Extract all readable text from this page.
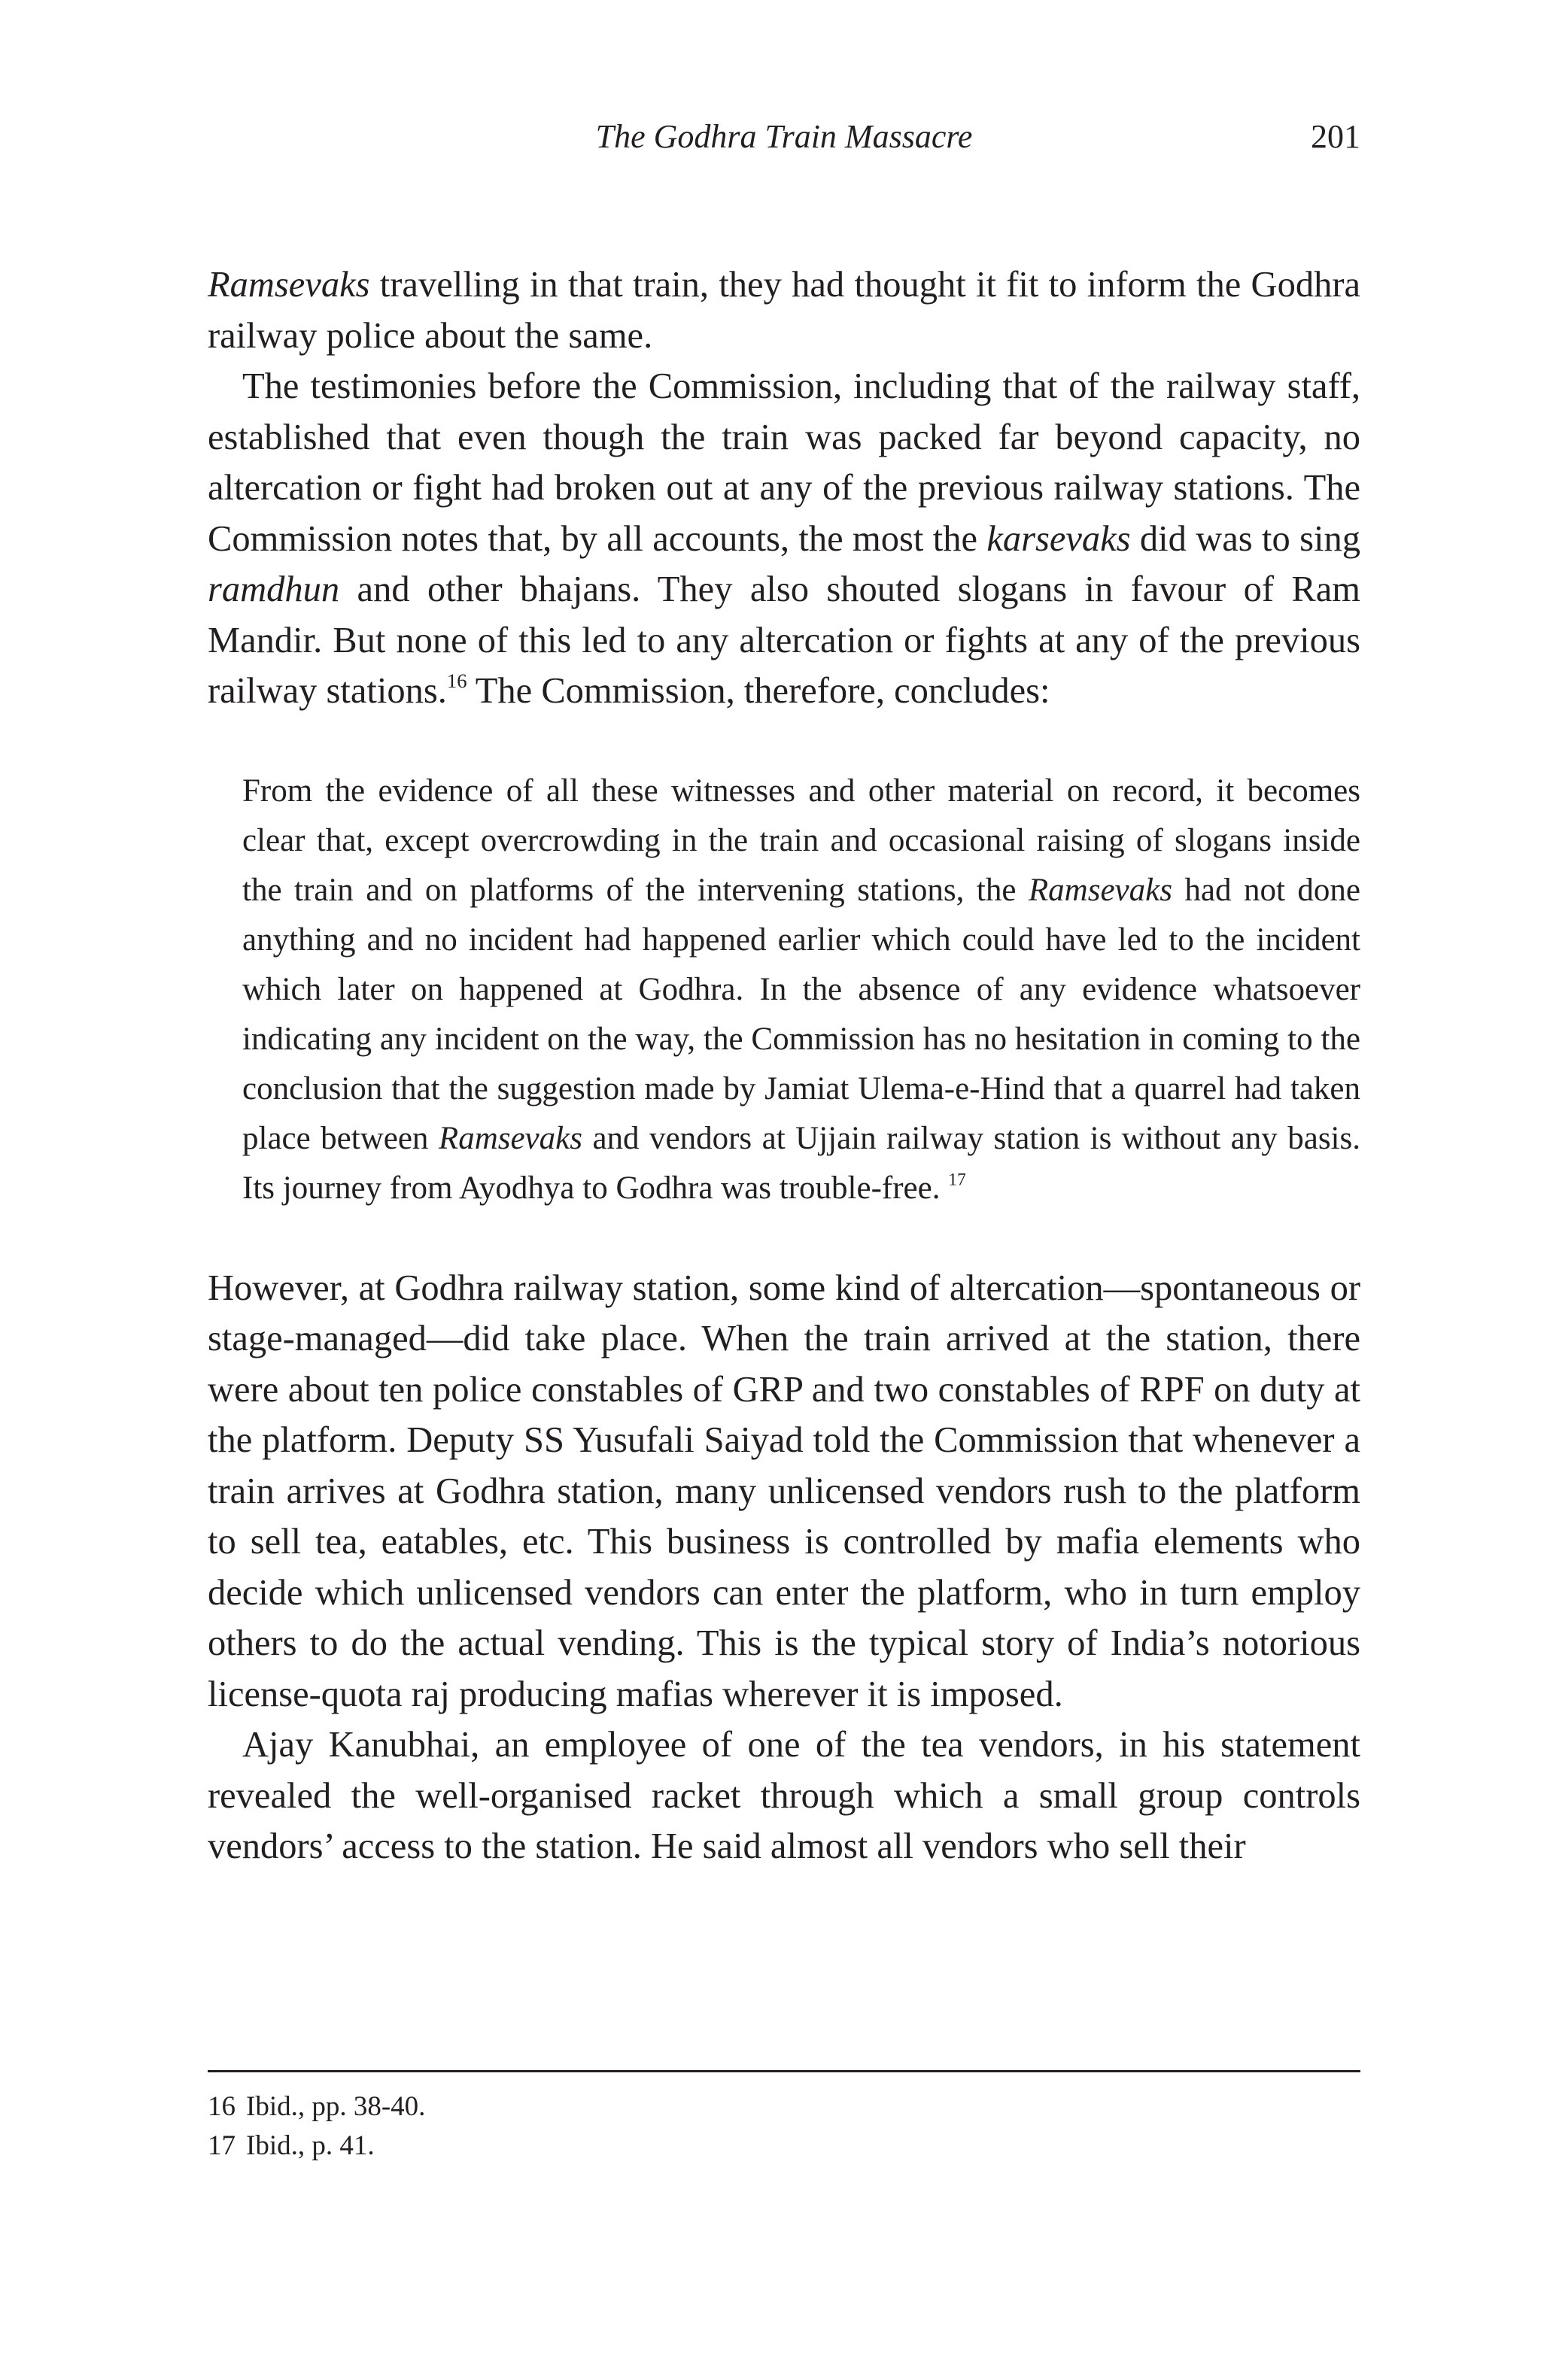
The Godhra Train Massacre	201

Ramsevaks travelling in that train, they had thought it fit to inform the Godhra railway police about the same.

The testimonies before the Commission, including that of the railway staff, established that even though the train was packed far beyond capacity, no altercation or fight had broken out at any of the previous railway stations. The Commission notes that, by all accounts, the most the karsevaks did was to sing ramdhun and other bhajans. They also shouted slogans in favour of Ram Mandir. But none of this led to any altercation or fights at any of the previous railway stations.$^{16}$ The Commission, therefore, concludes:

From the evidence of all these witnesses and other material on record, it becomes clear that, except overcrowding in the train and occasional raising of slogans inside the train and on platforms of the intervening stations, the Ramsevaks had not done anything and no incident had happened earlier which could have led to the incident which later on happened at Godhra. In the absence of any evidence whatsoever indicating any incident on the way, the Commission has no hesitation in coming to the conclusion that the suggestion made by Jamiat Ulema-e-Hind that a quarrel had taken place between Ramsevaks and vendors at Ujjain railway station is without any basis. Its journey from Ayodhya to Godhra was trouble-free. $^{17}$

However, at Godhra railway station, some kind of altercation—spontaneous or stage-managed—did take place. When the train arrived at the station, there were about ten police constables of GRP and two constables of RPF on duty at the platform. Deputy SS Yusufali Saiyad told the Commission that whenever a train arrives at Godhra station, many unlicensed vendors rush to the platform to sell tea, eatables, etc. This business is controlled by mafia elements who decide which unlicensed vendors can enter the platform, who in turn employ others to do the actual vending. This is the typical story of India’s notorious license-quota raj producing mafias wherever it is imposed.

Ajay Kanubhai, an employee of one of the tea vendors, in his statement revealed the well-organised racket through which a small group controls vendors’ access to the station. He said almost all vendors who sell their

16 Ibid., pp. 38-40.

17 Ibid., p. 41.
